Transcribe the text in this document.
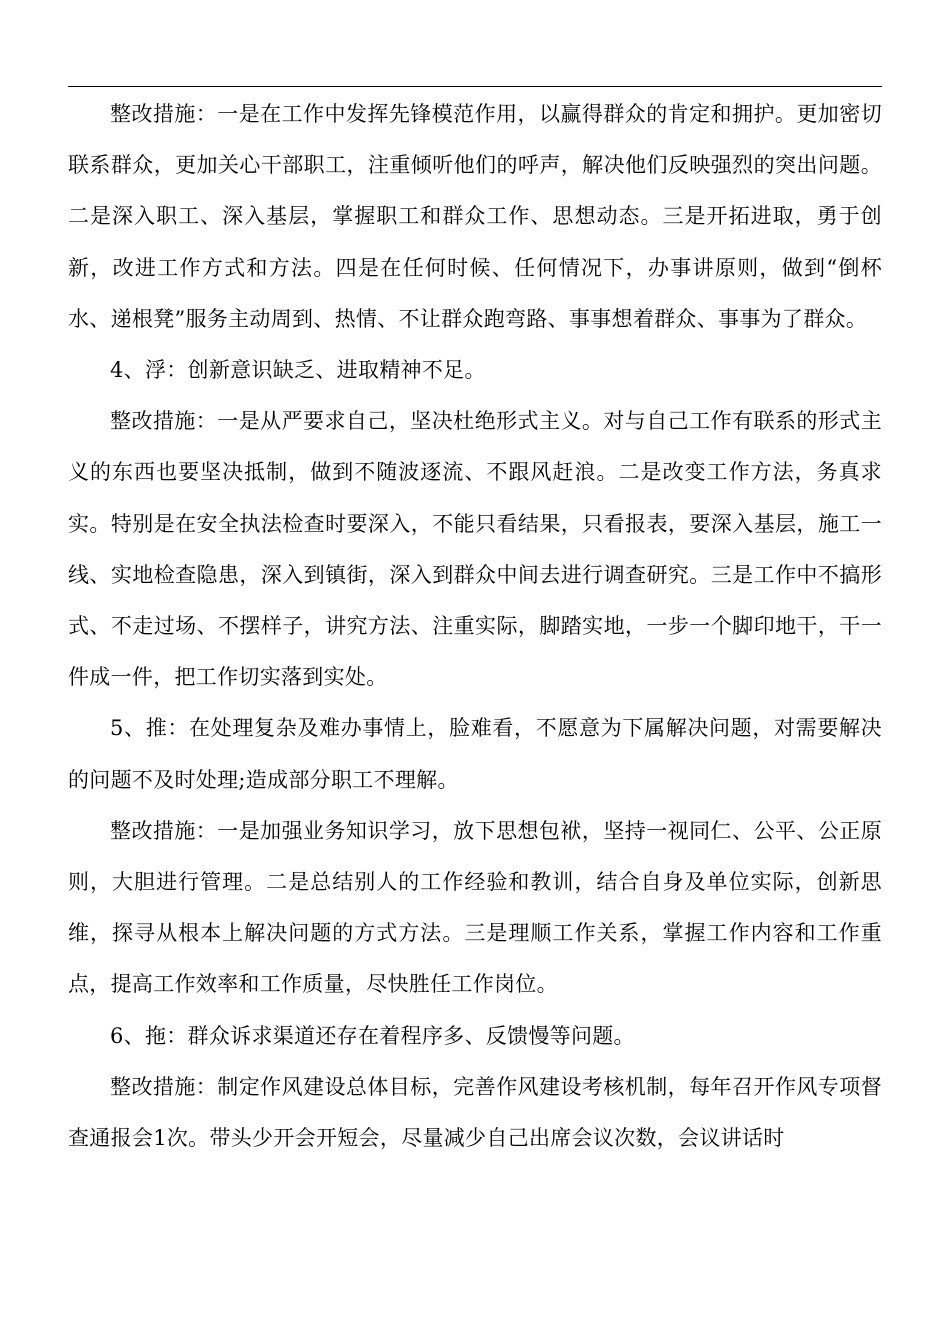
整改措施：一是在工作中发挥先锋模范作用，以赢得群众的肯定和拥护。更加密切联系群众，更加关心干部职工，注重倾听他们的呼声，解决他们反映强烈的突出问题。二是深入职工、深入基层，掌握职工和群众工作、思想动态。三是开拓进取，勇于创新，改进工作方式和方法。四是在任何时候、任何情况下，办事讲原则，做到“倒杯水、递根凳”服务主动周到、热情、不让群众跑弯路、事事想着群众、事事为了群众。

4、浮：创新意识缺乏、进取精神不足。

整改措施：一是从严要求自己，坚决杜绝形式主义。对与自己工作有联系的形式主义的东西也要坚决抵制，做到不随波逐流、不跟风赶浪。二是改变工作方法，务真求实。特别是在安全执法检查时要深入，不能只看结果，只看报表，要深入基层，施工一线、实地检查隐患，深入到镇街，深入到群众中间去进行调查研究。三是工作中不搞形式、不走过场、不摆样子，讲究方法、注重实际，脚踏实地，一步一个脚印地干，干一件成一件，把工作切实落到实处。

5、推：在处理复杂及难办事情上，脸难看，不愿意为下属解决问题，对需要解决的问题不及时处理;造成部分职工不理解。

整改措施：一是加强业务知识学习，放下思想包袱，坚持一视同仁、公平、公正原则，大胆进行管理。二是总结别人的工作经验和教训，结合自身及单位实际，创新思维，探寻从根本上解决问题的方式方法。三是理顺工作关系，掌握工作内容和工作重点，提高工作效率和工作质量，尽快胜任工作岗位。

6、拖：群众诉求渠道还存在着程序多、反馈慢等问题。

整改措施：制定作风建设总体目标，完善作风建设考核机制，每年召开作风专项督查通报会1次。带头少开会开短会，尽量减少自己出席会议次数，会议讲话时
